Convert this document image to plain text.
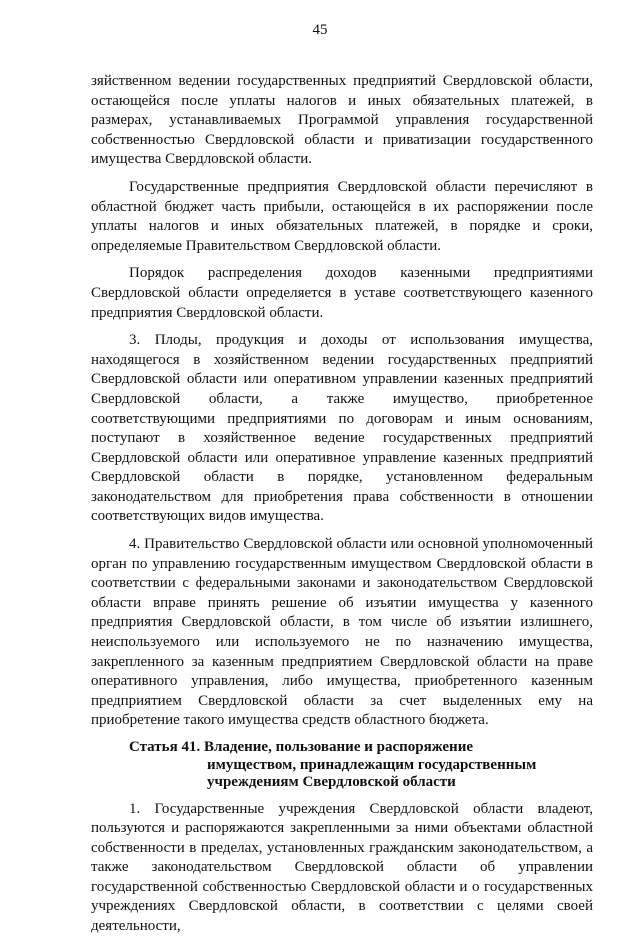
45

зяйственном ведении государственных предприятий Свердловской области, остающейся после уплаты налогов и иных обязательных платежей, в размерах, устанавливаемых Программой управления государственной собственностью Свердловской области и приватизации государственного имущества Свердловской области.

Государственные предприятия Свердловской области перечисляют в областной бюджет часть прибыли, остающейся в их распоряжении после уплаты налогов и иных обязательных платежей, в порядке и сроки, определяемые Правительством Свердловской области.

Порядок распределения доходов казенными предприятиями Свердловской области определяется в уставе соответствующего казенного предприятия Свердловской области.

3. Плоды, продукция и доходы от использования имущества, находящегося в хозяйственном ведении государственных предприятий Свердловской области или оперативном управлении казенных предприятий Свердловской области, а также имущество, приобретенное соответствующими предприятиями по договорам и иным основаниям, поступают в хозяйственное ведение государственных предприятий Свердловской области или оперативное управление казенных предприятий Свердловской области в порядке, установленном федеральным законодательством для приобретения права собственности в отношении соответствующих видов имущества.

4. Правительство Свердловской области или основной уполномоченный орган по управлению государственным имуществом Свердловской области в соответствии с федеральными законами и законодательством Свердловской области вправе принять решение об изъятии имущества у казенного предприятия Свердловской области, в том числе об изъятии излишнего, неиспользуемого или используемого не по назначению имущества, закрепленного за казенным предприятием Свердловской области на праве оперативного управления, либо имущества, приобретенного казенным предприятием Свердловской области за счет выделенных ему на приобретение такого имущества средств областного бюджета.

Статья 41. Владение, пользование и распоряжение
имуществом, принадлежащим государственным
учреждениям Свердловской области

1. Государственные учреждения Свердловской области владеют, пользуются и распоряжаются закрепленными за ними объектами областной собственности в пределах, установленных гражданским законодательством, а также законодательством Свердловской области об управлении государственной собственностью Свердловской области и о государственных учреждениях Свердловской области, в соответствии с целями своей деятельности,
